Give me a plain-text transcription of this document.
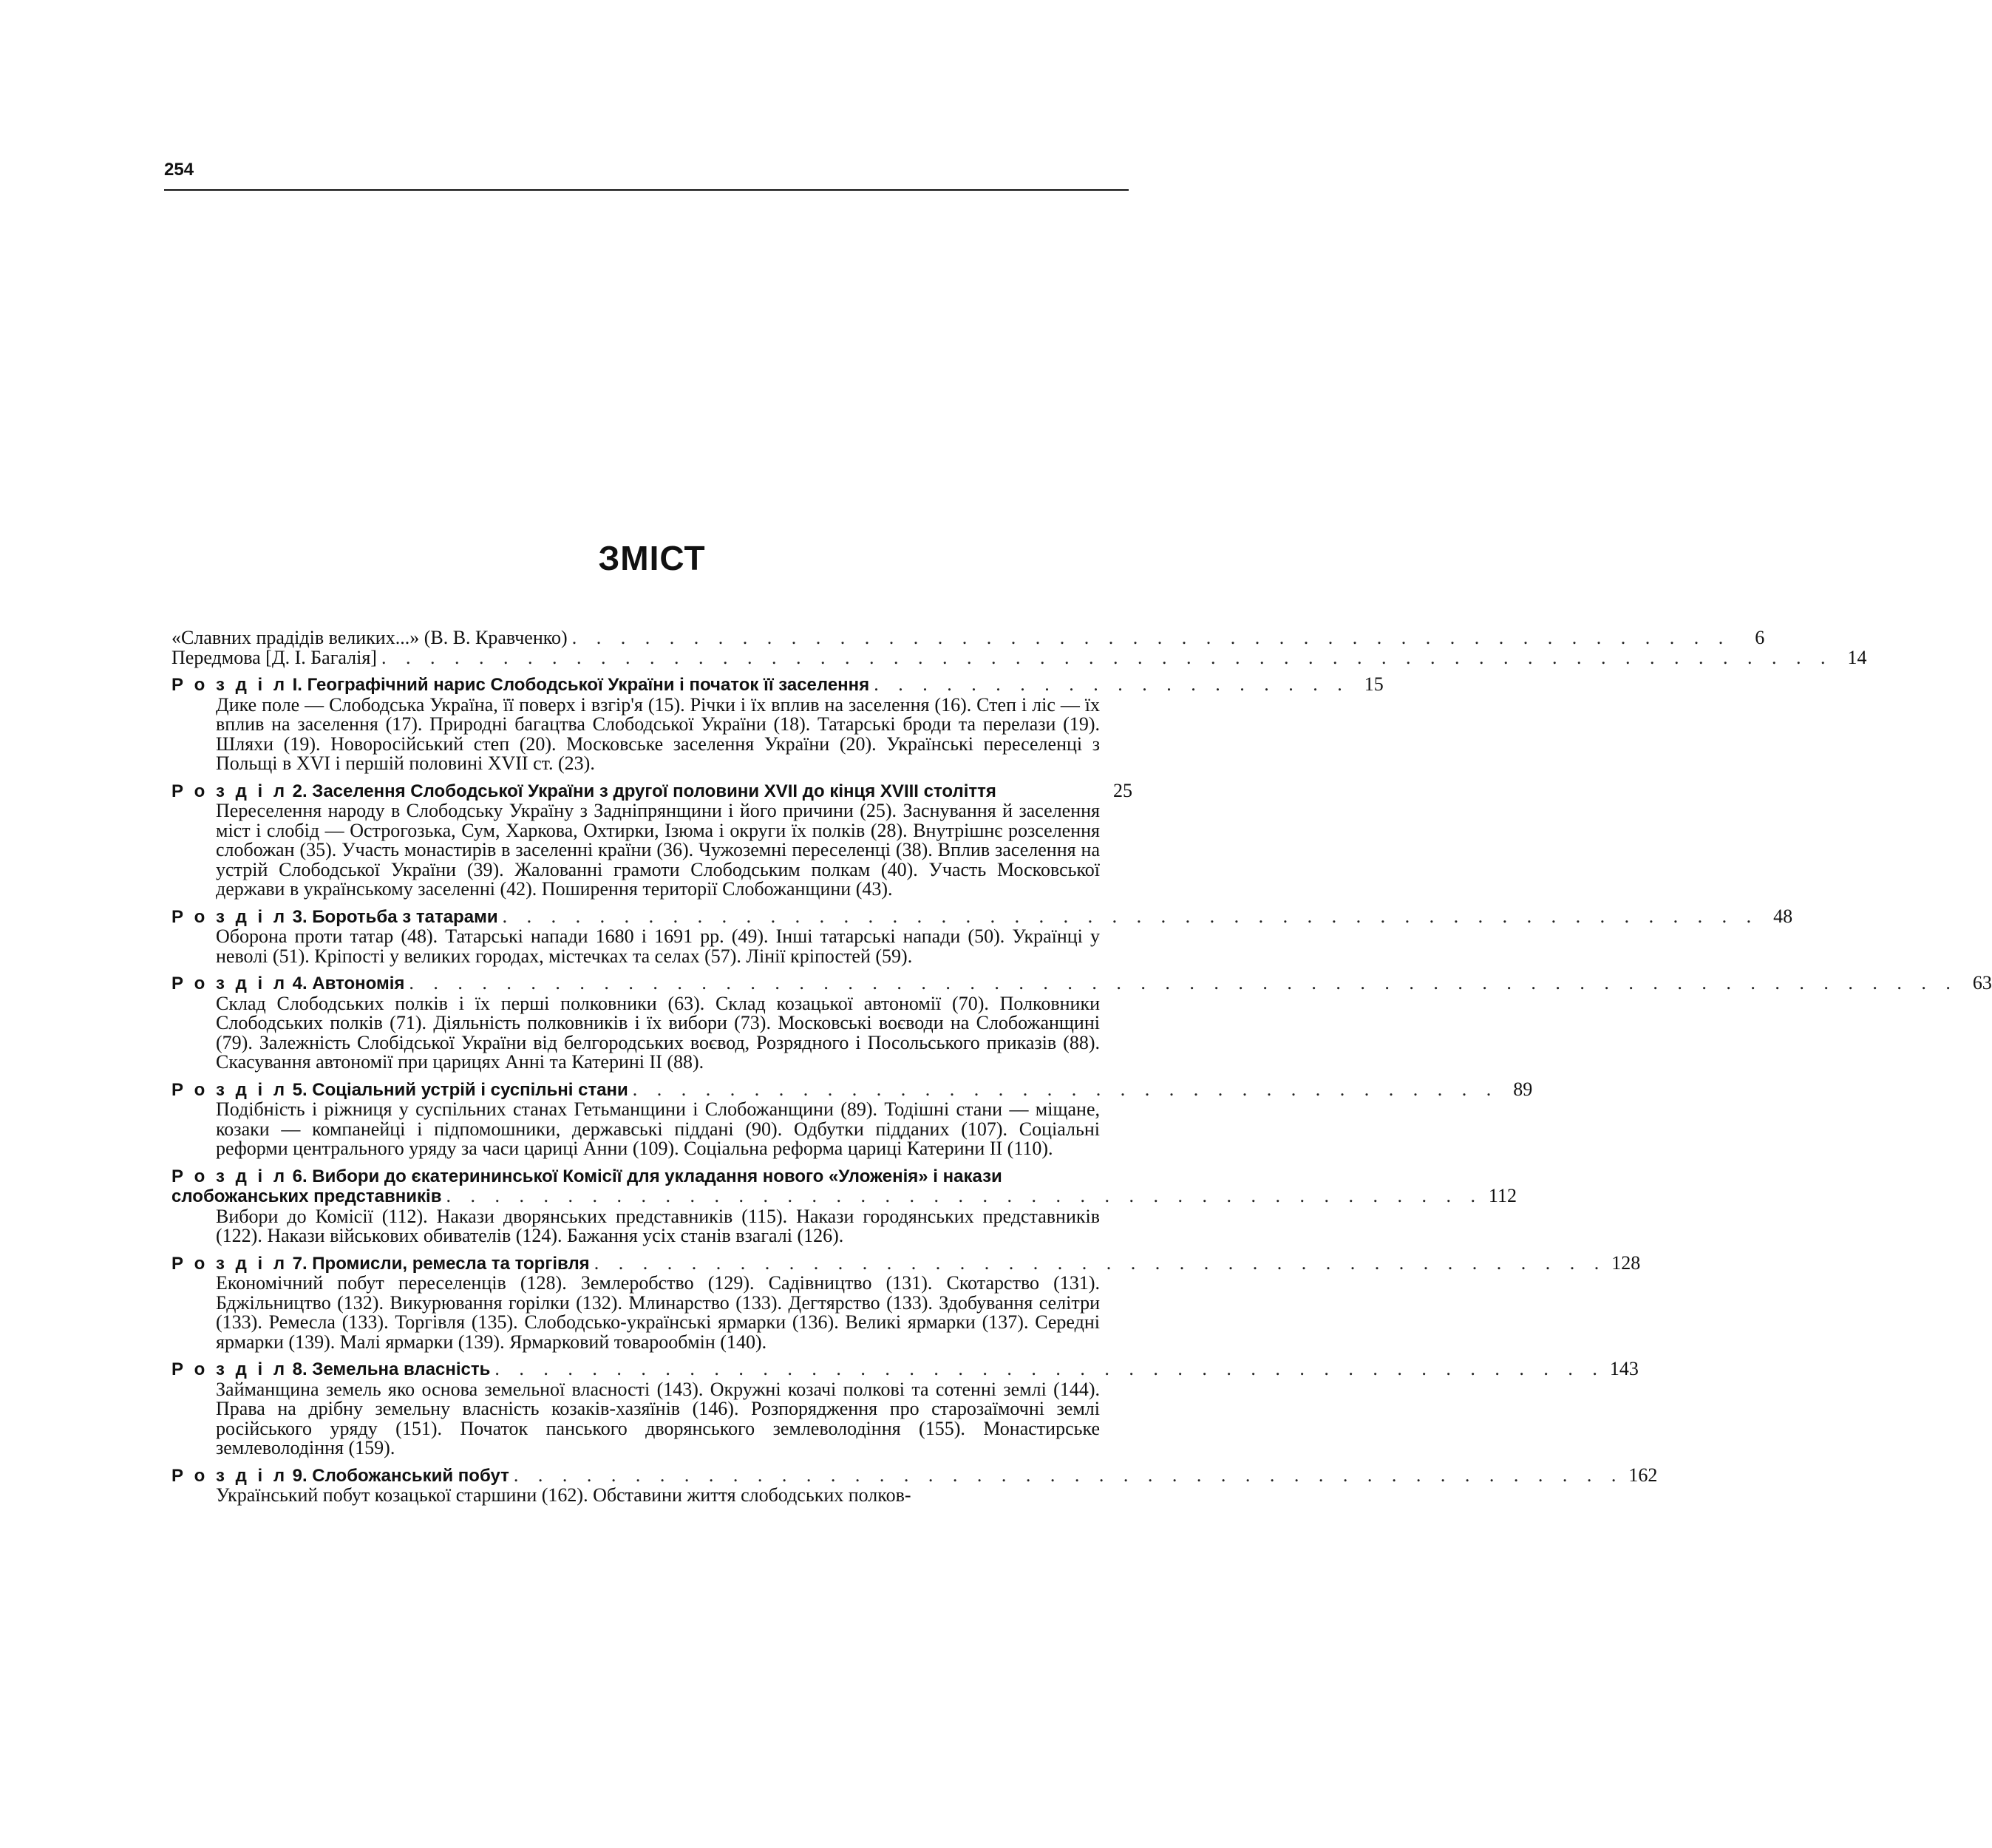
254
ЗМІСТ
«Славних прадідів великих...» (В. В. Кравченко) . . . . . . . . . . . . . . . . . . . . . . . . . . . . . . . . . . . . . . . . . . . . . . . .	6
Передмова [Д. І. Багалія] . . . . . . . . . . . . . . . . . . . . . . . . . . . . . . . . . . . . . . . . . . . . . . . . . . . . . . . . . . . . 14
Р о з д і л І. Географічний нарис Слободської України і початок її заселення . . . . . . . . . . . . . . . . . . . . 15
Дике поле — Слободська Україна, її поверх і взгір'я (15). Річки і їх вплив на заселення (16). Степ і ліс — їх вплив на заселення (17). Природні багацтва Слободської України (18). Татарські броди та перелази (19). Шляхи (19). Новоросійський степ (20). Московське заселення України (20). Українські переселенці з Польщі в XVI і першій половині XVII ст. (23).
Р о з д і л 2. Заселення Слободської України з другої половини XVII до кінця XVIII століття	25
Переселення народу в Слободську Україну з Задніпрянщини і його причини (25). Заснування й заселення міст і слобід — Острогозька, Сум, Харкова, Охтирки, Ізюма і округи їх полків (28). Внутрішнє розселення слобожан (35). Участь монастирів в заселенні країни (36). Чужоземні переселенці (38). Вплив заселення на устрій Слободської України (39). Жалованні грамоти Слободським полкам (40). Участь Московської держави в українському заселенні (42). Поширення території Слобожанщини (43).
Р о з д і л 3. Боротьба з татарами . . . . . . . . . . . . . . . . . . . . . . . . . . . . . . . . . . . . . . . . . . . . . . . . . . . . 48
Оборона проти татар (48). Татарські напади 1680 і 1691 рр. (49). Інші татарські напади (50). Українці у неволі (51). Кріпості у великих городах, містечках та селах (57). Лінії кріпостей (59).
Р о з д і л 4. Автономія . . . . . . . . . . . . . . . . . . . . . . . . . . . . . . . . . . . . . . . . . . . . . . . . . . . . . . . . . . . . . . . . 63
Склад Слободських полків і їх перші полковники (63). Склад козацької автономії (70). Полковники Слободських полків (71). Діяльність полковників і їх вибори (73). Московські воєводи на Слобожанщині (79). Залежність Слобідської України від белгородських воєвод, Розрядного і Посольського приказів (88). Скасування автономії при царицях Анні та Катерині II (88).
Р о з д і л 5. Соціальний устрій і суспільні стани . . . . . . . . . . . . . . . . . . . . . . . . . . . . . . . . . . . . 89
Подібність і ріжниця у суспільних станах Гетьманщини і Слобожанщини (89). Тодішні стани — міщане, козаки — компанейці і підпомошники, державські піддані (90). Одбутки підданих (107). Соціальні реформи центрального уряду за часи цариці Анни (109). Соціальна реформа цариці Катерини II (110).
Р о з д і л 6. Вибори до єкатерининської Комісії для укладання нового «Уложенія» і накази
слобожанських представників . . . . . . . . . . . . . . . . . . . . . . . . . . . . . . . . . . . . . . . . . . . 112
Вибори до Комісії (112). Накази дворянських представників (115). Накази городянських представників (122). Накази військових обивателів (124). Бажання усіх станів взагалі (126).
Р о з д і л 7. Промисли, ремесла та торгівля . . . . . . . . . . . . . . . . . . . . . . . . . . . . . . . . . . . . . . . . . . 128
Економічний побут переселенців (128). Землеробство (129). Садівництво (131). Скотарство (131). Бджільництво (132). Викурювання горілки (132). Млинарство (133). Дегтярство (133). Здобування селітри (133). Ремесла (133). Торгівля (135). Слободсько-українські ярмарки (136). Великі ярмарки (137). Середні ярмарки (139). Малі ярмарки (139). Ярмарковий товарообмін (140).
Р о з д і л 8. Земельна власність . . . . . . . . . . . . . . . . . . . . . . . . . . . . . . . . . . . . . . . . . . . . . . 143
Займанщина земель яко основа земельної власності (143). Окружні козачі полкові та сотенні землі (144). Права на дрібну земельну власність козаків-хазяїнів (146). Розпорядження про старозаїмочні землі російського уряду (151). Початок панського дворянського землеволодіння (155). Монастирське землеволодіння (159).
Р о з д і л 9. Слобожанський побут . . . . . . . . . . . . . . . . . . . . . . . . . . . . . . . . . . . . . . . . . . . . . . 162
Український побут козацької старшини (162). Обставини життя слободських полков-
